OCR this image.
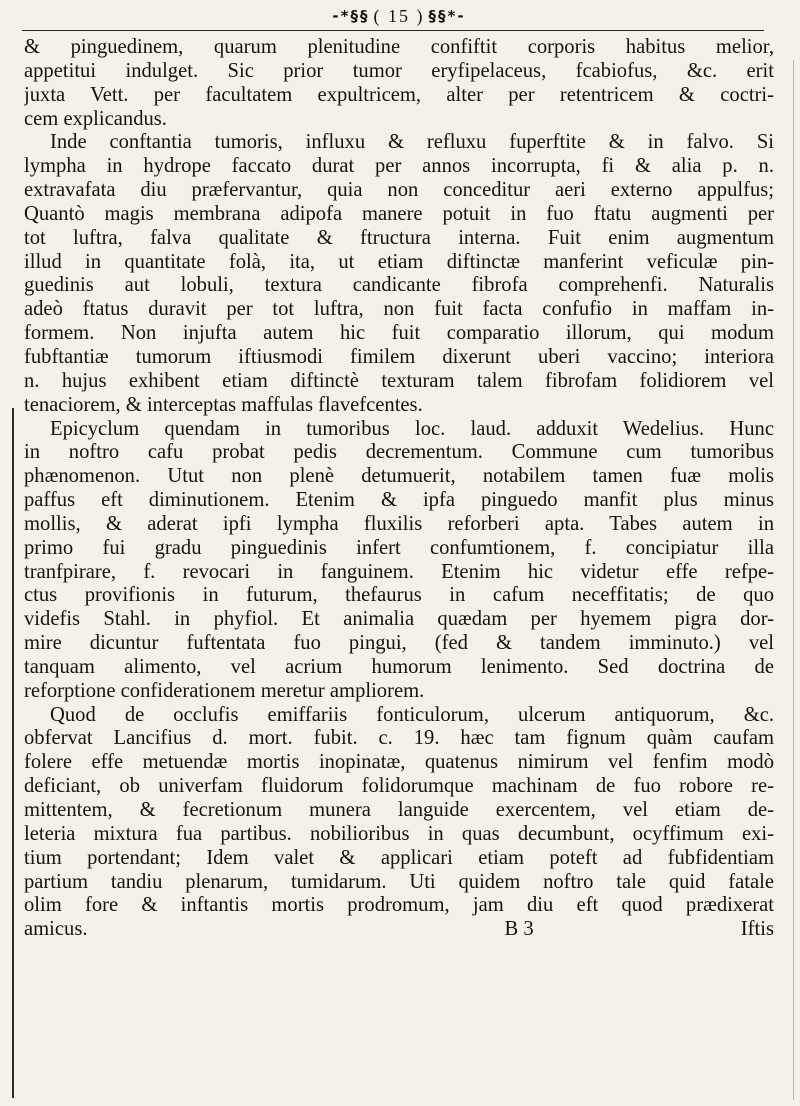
-*§§ ( 15 ) §§*-
& pinguedinem, quarum plenitudine confiftit corporis habitus melior,
appetitui indulget. Sic prior tumor eryfipelaceus, fcabiofus, &c. erit
juxta Vett. per facultatem expultricem, alter per retentricem & coctri-
cem explicandus.
Inde conftantia tumoris, influxu & refluxu fuperftite & in falvo. Si
lympha in hydrope faccato durat per annos incorrupta, fi & alia p. n.
extravafata diu præfervantur, quia non conceditur aeri externo appulfus;
Quantò magis membrana adipofa manere potuit in fuo ftatu augmenti per
tot luftra, falva qualitate & ftructura interna. Fuit enim augmentum
illud in quantitate folà, ita, ut etiam diftinctæ manferint veficulæ pin-
guedinis aut lobuli, textura candicante fibrofa comprehenfi. Naturalis
adeò ftatus duravit per tot luftra, non fuit facta confufio in maffam in-
formem. Non injufta autem hic fuit comparatio illorum, qui modum
fubftantiæ tumorum iftiusmodi fimilem dixerunt uberi vaccino; interiora
n. hujus exhibent etiam diftinctè texturam talem fibrofam folidiorem vel
tenaciorem, & interceptas maffulas flavefcentes.
Epicyclum quendam in tumoribus loc. laud. adduxit Wedelius. Hunc
in noftro cafu probat pedis decrementum. Commune cum tumoribus
phænomenon. Utut non plenè detumuerit, notabilem tamen fuæ molis
paffus eft diminutionem. Etenim & ipfa pinguedo manfit plus minus
mollis, & aderat ipfi lympha fluxilis reforberi apta. Tabes autem in
primo fui gradu pinguedinis infert confumtionem, f. concipiatur illa
tranfpirare, f. revocari in fanguinem. Etenim hic videtur effe refpe-
ctus provifionis in futurum, thefaurus in cafum neceffitatis; de quo
videfis Stahl. in phyfiol. Et animalia quædam per hyemem pigra dor-
mire dicuntur fuftentata fuo pingui, (fed & tandem imminuto.) vel
tanquam alimento, vel acrium humorum lenimento. Sed doctrina de
reforptione confiderationem meretur ampliorem.
Quod de occlufis emiffariis fonticulorum, ulcerum antiquorum, &c.
obfervat Lancifius d. mort. fubit. c. 19. hæc tam fignum quàm caufam
folere effe metuendæ mortis inopinatæ, quatenus nimirum vel fenfim modò
deficiant, ob univerfam fluidorum folidorumque machinam de fuo robore re-
mittentem, & fecretionum munera languide exercentem, vel etiam de-
leteria mixtura fua partibus. nobilioribus in quas decumbunt, ocyffimum exi-
tium portendant; Idem valet & applicari etiam poteft ad fubfidentiam
partium tandiu plenarum, tumidarum. Uti quidem noftro tale quid fatale
olim fore & inftantis mortis prodromum, jam diu eft quod prædixerat
amicus.	B 3	Iftis
